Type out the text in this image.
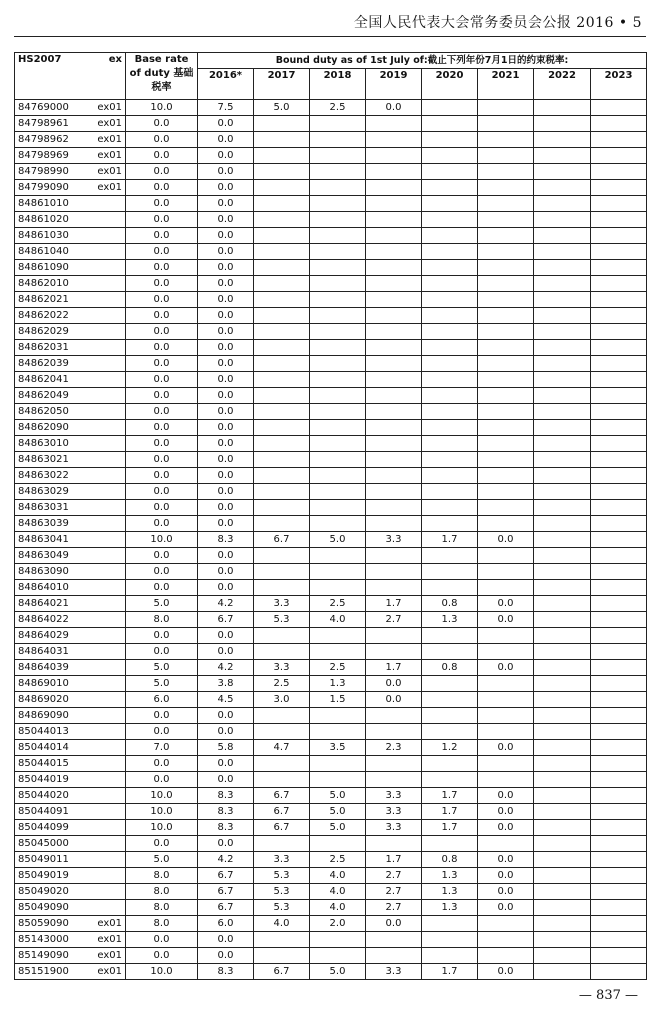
全国人民代表大会常务委员会公报 2016 • 5
HS2007	ex	Base rate of duty 基础税率	Bound duty as of 1st July of:截止下列年份7月1日的约束税率:							
			2016*	2017	2018	2019	2020	2021	2022	2023
84769000	ex01	10.0	7.5	5.0	2.5	0.0				
84798961	ex01	0.0	0.0							
84798962	ex01	0.0	0.0							
84798969	ex01	0.0	0.0							
84798990	ex01	0.0	0.0							
84799090	ex01	0.0	0.0							
84861010		0.0	0.0							
84861020		0.0	0.0							
84861030		0.0	0.0							
84861040		0.0	0.0							
84861090		0.0	0.0							
84862010		0.0	0.0							
84862021		0.0	0.0							
84862022		0.0	0.0							
84862029		0.0	0.0							
84862031		0.0	0.0							
84862039		0.0	0.0							
84862041		0.0	0.0							
84862049		0.0	0.0							
84862050		0.0	0.0							
84862090		0.0	0.0							
84863010		0.0	0.0							
84863021		0.0	0.0							
84863022		0.0	0.0							
84863029		0.0	0.0							
84863031		0.0	0.0							
84863039		0.0	0.0							
84863041		10.0	8.3	6.7	5.0	3.3	1.7	0.0		
84863049		0.0	0.0							
84863090		0.0	0.0							
84864010		0.0	0.0							
84864021		5.0	4.2	3.3	2.5	1.7	0.8	0.0		
84864022		8.0	6.7	5.3	4.0	2.7	1.3	0.0		
84864029		0.0	0.0							
84864031		0.0	0.0							
84864039		5.0	4.2	3.3	2.5	1.7	0.8	0.0		
84869010		5.0	3.8	2.5	1.3	0.0				
84869020		6.0	4.5	3.0	1.5	0.0				
84869090		0.0	0.0							
85044013		0.0	0.0							
85044014		7.0	5.8	4.7	3.5	2.3	1.2	0.0		
85044015		0.0	0.0							
85044019		0.0	0.0							
85044020		10.0	8.3	6.7	5.0	3.3	1.7	0.0		
85044091		10.0	8.3	6.7	5.0	3.3	1.7	0.0		
85044099		10.0	8.3	6.7	5.0	3.3	1.7	0.0		
85045000		0.0	0.0							
85049011		5.0	4.2	3.3	2.5	1.7	0.8	0.0		
85049019		8.0	6.7	5.3	4.0	2.7	1.3	0.0		
85049020		8.0	6.7	5.3	4.0	2.7	1.3	0.0		
85049090		8.0	6.7	5.3	4.0	2.7	1.3	0.0		
85059090	ex01	8.0	6.0	4.0	2.0	0.0				
85143000	ex01	0.0	0.0							
85149090	ex01	0.0	0.0							
85151900	ex01	10.0	8.3	6.7	5.0	3.3	1.7	0.0		
— 837 —
